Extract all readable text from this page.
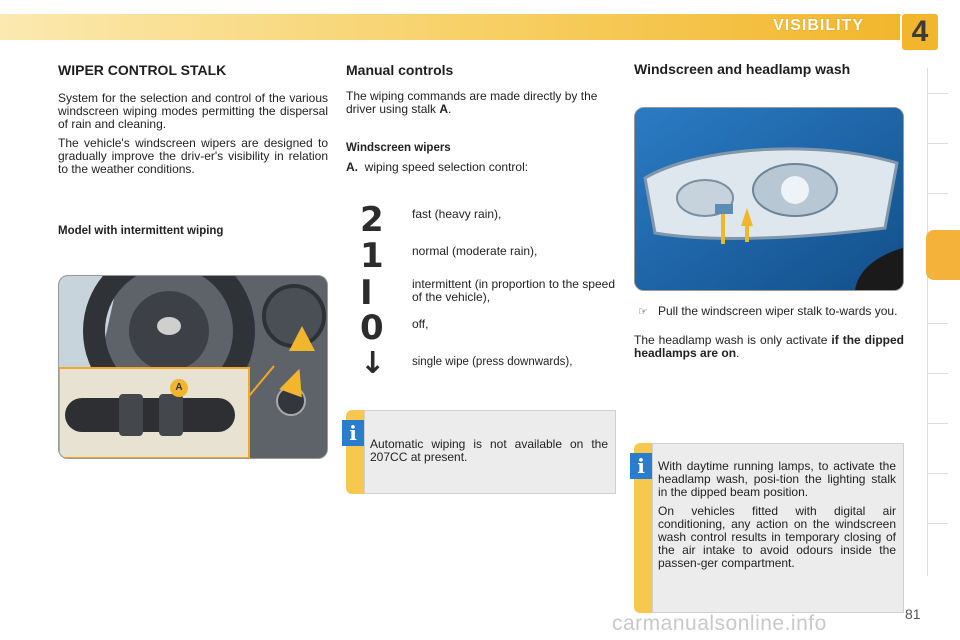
VISIBILITY	4
WIPER CONTROL STALK

System for the selection and control of the various windscreen wiping modes permitting the dispersal of rain and cleaning.

The vehicle's windscreen wipers are designed to gradually improve the driv-er's visibility in relation to the weather conditions.

Model with intermittent wiping

A
Manual controls

The wiping commands are made directly by the driver using stalk A.

Windscreen wipers

A. wiping speed selection control:

2 fast (heavy rain),
1 normal (moderate rain),
I	intermittent (in proportion to the speed of the vehicle),
0 off,
↓ single wipe (press downwards),
i	Automatic wiping is not available on the 207CC at present.
Windscreen and headlamp wash
☞ Pull the windscreen wiper stalk to-wards you.

The headlamp wash is only activate if the dipped headlamps are on.

i	With daytime running lamps, to activate the headlamp wash, posi-tion the lighting stalk in the dipped beam position.

On vehicles fitted with digital air conditioning, any action on the windscreen wash control results in temporary closing of the air intake to avoid odours inside the passen-ger compartment.

81
carmanualsonline.info
